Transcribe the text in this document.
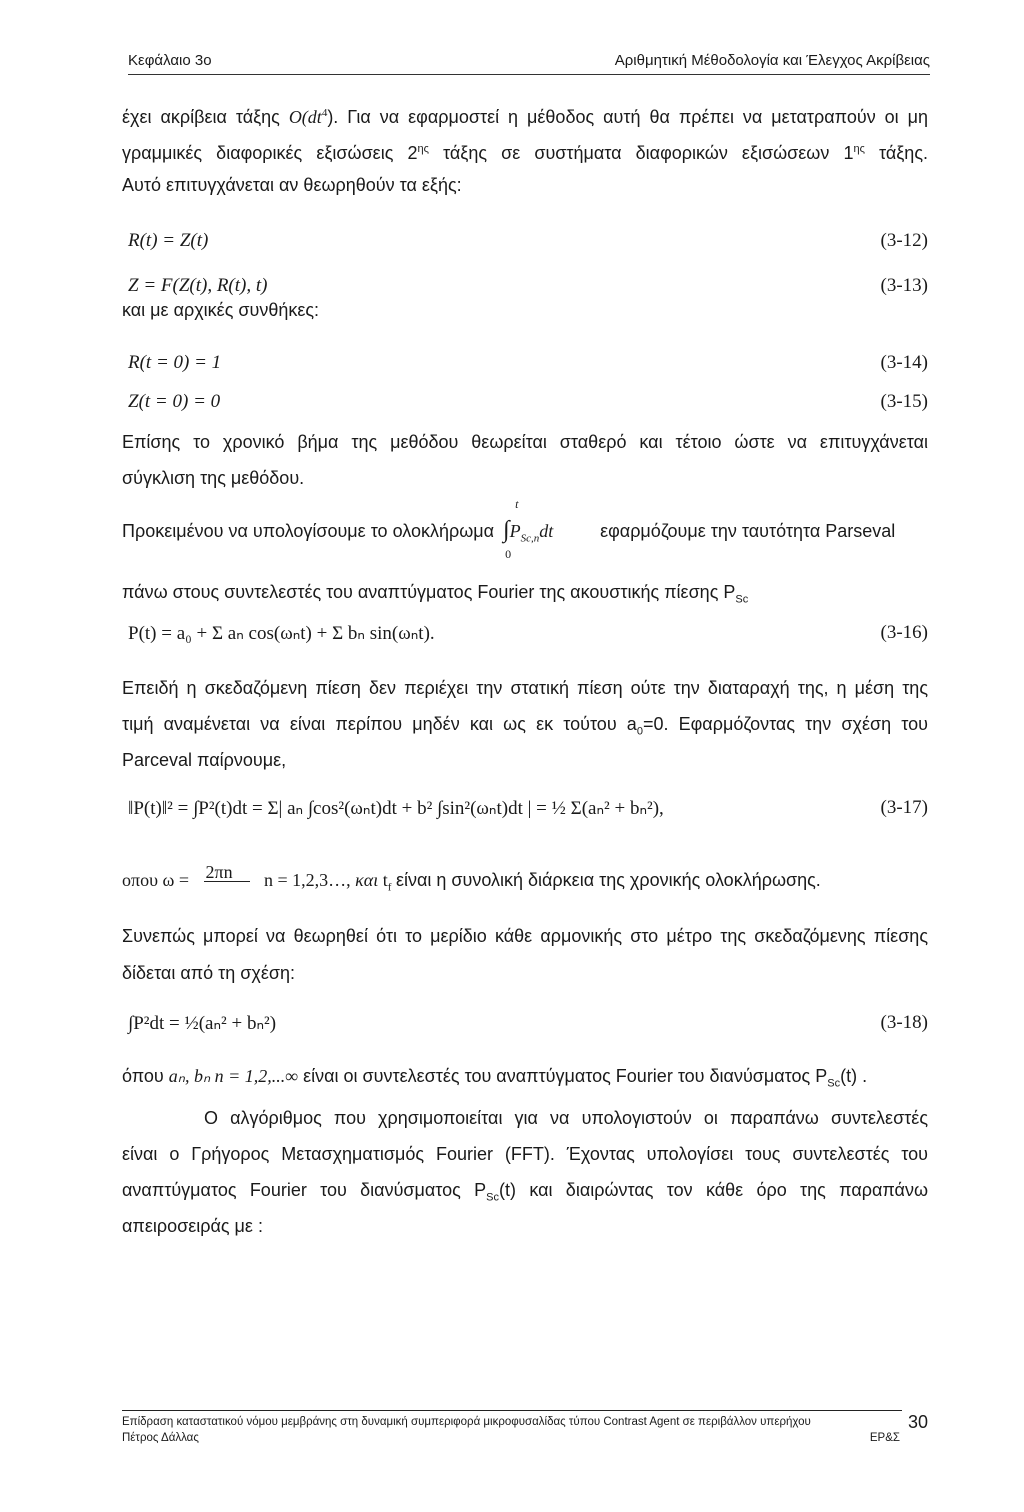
Κεφάλαιο 3ο	Αριθμητική Μέθοδολογία και Έλεγχος Ακρίβειας
έχει ακρίβεια τάξης $O(dt^4)$. Για να εφαρμοστεί η μέθοδος αυτή θα πρέπει να μετατραπούν οι μη
γραμμικές διαφορικές εξισώσεις $2^{\eta\varsigma}$ τάξης σε συστήματα διαφορικών εξισώσεων $1^{\eta\varsigma}$ τάξης.
Αυτό επιτυγχάνεται αν θεωρηθούν τα εξής:
R(t) = Z(t)	(3-12)
Z = F(Z(t), R(t), t)	(3-13)
και με αρχικές συνθήκες:
R(t = 0) = 1	(3-14)
Z(t = 0) = 0	(3-15)
Επίσης το χρονικό βήμα της μεθόδου θεωρείται σταθερό και τέτοιο ώστε να επιτυγχάνεται
σύγκλιση της μεθόδου.
Προκειμένου να υπολογίσουμε το ολοκλήρωμα
t
$\int P_{Sc,n}dt$
0
εφαρμόζουμε την ταυτότητα Parseval
πάνω στους συντελεστές του αναπτύγματος Fourier της ακουστικής πίεσης $P_{Sc}$
P(t) = a₀ + Σ aₙ cos(ωₙt) + Σ bₙ sin(ωₙt).	(3-16)
Επειδή η σκεδαζόμενη πίεση δεν περιέχει την στατική πίεση ούτε την διαταραχή της, η μέση της
τιμή αναμένεται να είναι περίπου μηδέν και ως εκ τούτου $a_0=0$. Εφαρμόζοντας την σχέση του
Parceval παίρνουμε,
‖P(t)‖² = ∫P²(t)dt = Σ| aₙ ∫cos²(ωₙt)dt + b² ∫sin²(ωₙt)dt | = ½ Σ(aₙ² + bₙ²),	(3-17)
οπου ω = 2πn n = 1,2,3…, και $t_f$ είναι η συνολική διάρκεια της χρονικής ολοκλήρωσης.
Συνεπώς μπορεί να θεωρηθεί ότι το μερίδιο κάθε αρμονικής στο μέτρο της σκεδαζόμενης πίεσης
δίδεται από τη σχέση:
∫P²dt = ½(aₙ² + bₙ²)	(3-18)
όπου aₙ, bₙ n = 1,2,...∞ είναι οι συντελεστές του αναπτύγματος Fourier του διανύσματος $P_{Sc}(t)$ .
Ο αλγόριθμος που χρησιμοποιείται για να υπολογιστούν οι παραπάνω συντελεστές
είναι ο Γρήγορος Μετασχηματισμός Fourier (FFT). Έχοντας υπολογίσει τους συντελεστές του
αναπτύγματος Fourier του διανύσματος $P_{Sc}(t)$ και διαιρώντας τον κάθε όρο της παραπάνω
απειροσειράς με :
Επίδραση καταστατικού νόμου μεμβράνης στη δυναμική συμπεριφορά μικροφυσαλίδας τύπου Contrast Agent σε περιβάλλον υπερήχου
Πέτρος Δάλλας	ΕΡ&Σ
30
